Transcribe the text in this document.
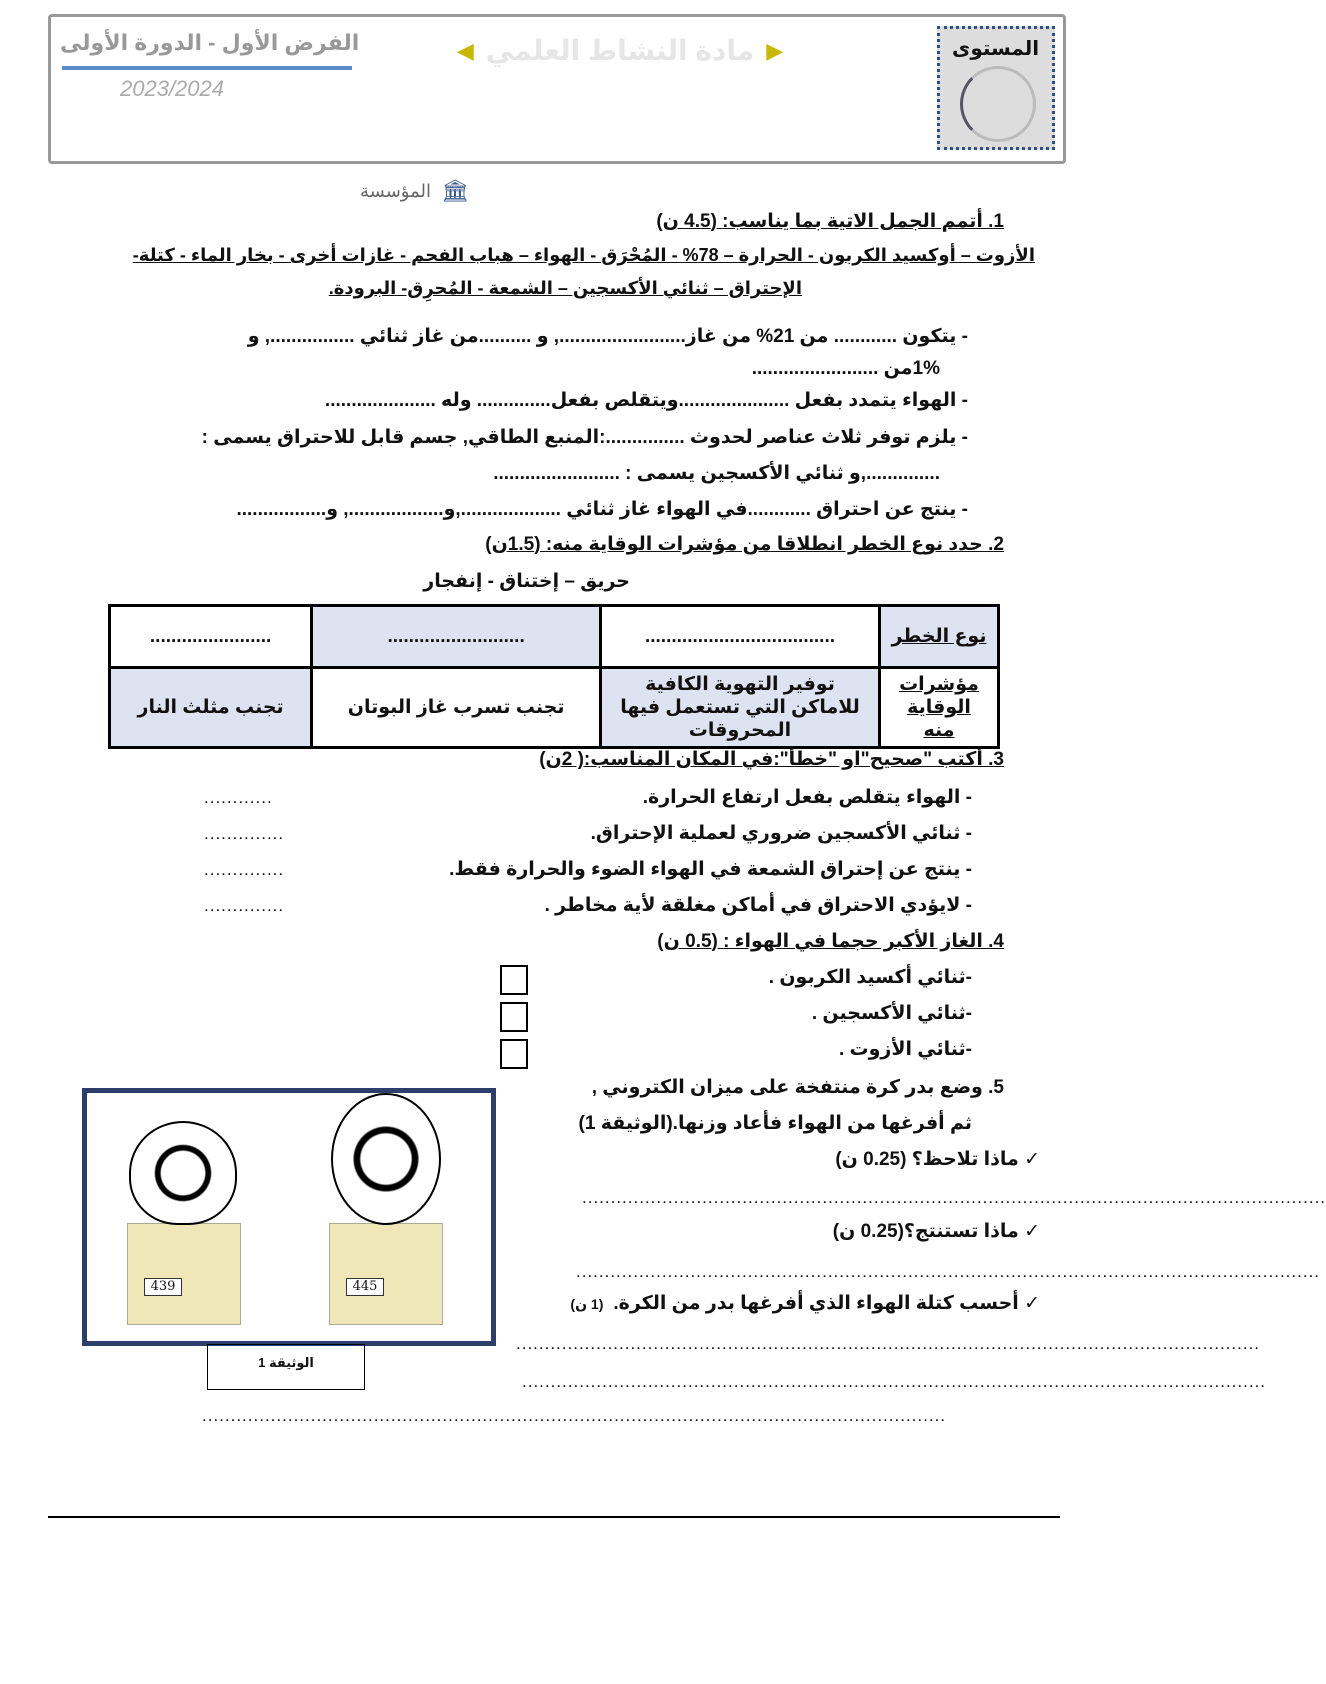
الفرض الأول - الدورة الأولى
2023/2024
◀ مادة النشاط العلمي ▶	المستوى
المؤسسة 🏛
1. أتمم الجمل الاتية بما يناسب: (4.5 ن)
الأزوت – أوكسيد الكربون - الحرارة – 78% - المُحْرَق - الهواء – هباب الفحم - غازات أخرى - بخار الماء - كتلة-
الإحتراق – ثنائي الأكسجين – الشمعة - المُحرِق- البرودة.
- يتكون ............ من 21% من غاز........................, و ..........من غاز ثنائي ................, و
1%من ........................
- الهواء يتمدد بفعل .....................ويتقلص بفعل.............. وله .....................
- يلزم توفر ثلاث عناصر لحدوث ...............:المنبع الطاقي, جسم قابل للاحتراق يسمى :
..............,و ثنائي الأكسجين يسمى : ........................
- ينتج عن احتراق ............في الهواء غاز ثنائي ...................,و.................., و.................
2. حدد نوع الخطر انطلاقا من مؤشرات الوقاية منه: (1.5ن)
حريق – إختناق - إنفجار
.......................	..........................	....................................	نوع الخطر
تجنب مثلث النار	تجنب تسرب غاز البوتان	توفير التهوية الكافية للاماكن التي تستعمل فيها المحروقات	مؤشرات الوقاية منه
3. أكتب "صحيح"او "خطأ":في المكان المناسب:( 2ن)
- الهواء يتقلص بفعل ارتفاع الحرارة.
............
- ثنائي الأكسجين ضروري لعملية الإحتراق.
..............
- ينتج عن إحتراق الشمعة في الهواء الضوء والحرارة فقط.
..............
- لايؤدي الاحتراق في أماكن مغلقة لأية مخاطر .
..............
4. الغاز الأكبر حجما في الهواء : (0.5 ن)
-ثنائي أكسيد الكربون .
-ثنائي الأكسجين .
-ثنائي الأزوت .
5. وضع بدر كرة منتفخة على ميزان الكتروني ,
ثم أفرغها من الهواء فأعاد وزنها.(الوثيقة 1)
✓ ماذا تلاحظ؟ (0.25 ن)
..................................................................................................................................
✓ ماذا تستنتج؟(0.25 ن)
..................................................................................................................................
✓ أحسب كتلة الهواء الذي أفرغها بدر من الكرة.
(1 ن)
..................................................................................................................................
..................................................................................................................................
..................................................................................................................................
439	445
الوثيقة 1
